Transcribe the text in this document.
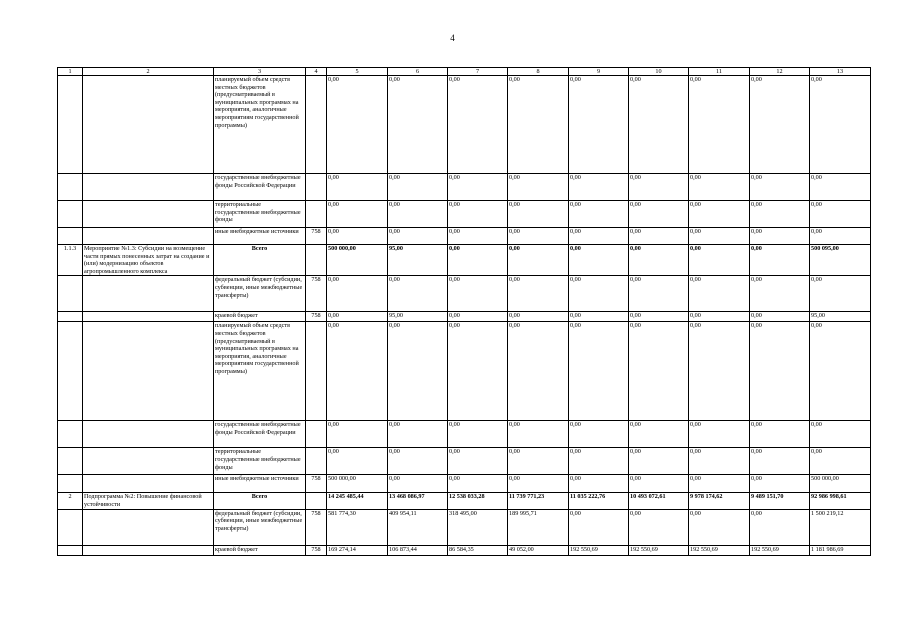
4
1	2	3	4	5	6	7	8	9	10	11	12	13
		планируемый объем средств местных бюджетов (предусматриваемый в муниципальных программах на мероприятия, аналогичные мероприятиям государственной программы)		0,00	0,00	0,00	0,00	0,00	0,00	0,00	0,00	0,00
		государственные внебюджетные фонды Российской Федерации		0,00	0,00	0,00	0,00	0,00	0,00	0,00	0,00	0,00
		территориальные государственные внебюджетные фонды		0,00	0,00	0,00	0,00	0,00	0,00	0,00	0,00	0,00
		иные внебюджетные источники	758	0,00	0,00	0,00	0,00	0,00	0,00	0,00	0,00	0,00
1.1.3	Мероприятие №1.3: Субсидии на возмещение части прямых понесенных затрат на создание и (или) модернизацию объектов агропромышленного комплекса	Всего		500 000,00	95,00	0,00	0,00	0,00	0,00	0,00	0,00	500 095,00
		федеральный бюджет (субсидии, субвенции, иные межбюджетные трансферты)	758	0,00	0,00	0,00	0,00	0,00	0,00	0,00	0,00	0,00
		краевой бюджет	758	0,00	95,00	0,00	0,00	0,00	0,00	0,00	0,00	95,00
		планируемый объем средств местных бюджетов (предусматриваемый в муниципальных программах на мероприятия, аналогичные мероприятиям государственной программы)		0,00	0,00	0,00	0,00	0,00	0,00	0,00	0,00	0,00
		государственные внебюджетные фонды Российской Федерации		0,00	0,00	0,00	0,00	0,00	0,00	0,00	0,00	0,00
		территориальные государственные внебюджетные фонды		0,00	0,00	0,00	0,00	0,00	0,00	0,00	0,00	0,00
		иные внебюджетные источники	758	500 000,00	0,00	0,00	0,00	0,00	0,00	0,00	0,00	500 000,00
2	Подпрограмма №2: Повышение финансовой устойчивости	Всего		14 245 485,44	13 468 086,97	12 538 033,28	11 739 771,23	11 035 222,76	10 493 072,61	9 978 174,62	9 489 151,70	92 986 998,61
		федеральный бюджет (субсидии, субвенции, иные межбюджетные трансферты)	758	581 774,30	409 954,11	318 495,00	189 995,71	0,00	0,00	0,00	0,00	1 500 219,12
		краевой бюджет	758	169 274,14	106 873,44	86 584,35	49 052,00	192 550,69	192 550,69	192 550,69	192 550,69	1 181 986,69
